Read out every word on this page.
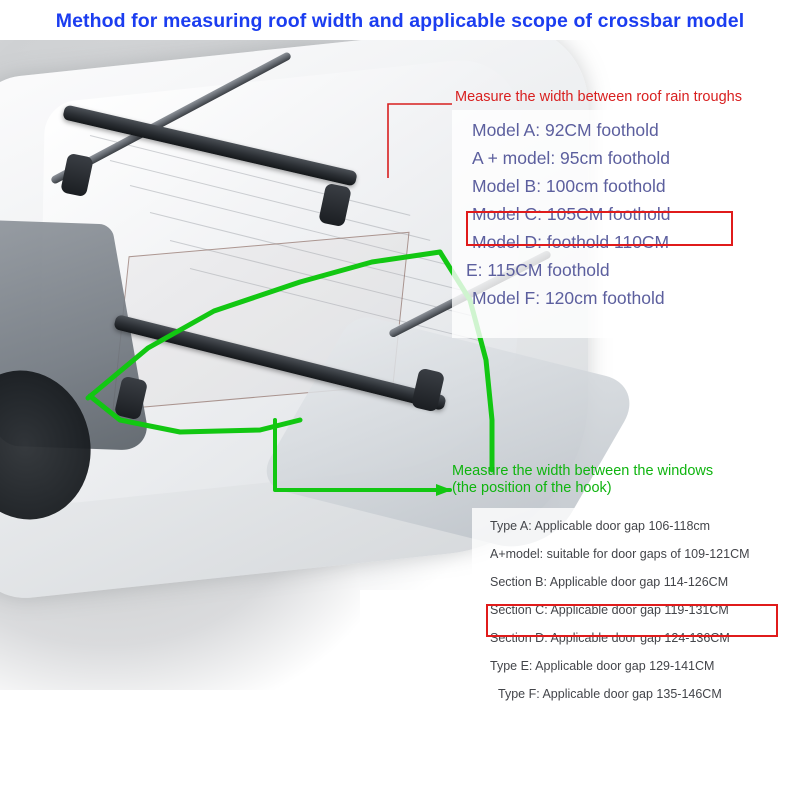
Method for measuring roof width and applicable scope of crossbar model
Measure the width between roof rain troughs
Model A: 92CM foothold
A + model: 95cm foothold
Model B: 100cm foothold
Model C: 105CM foothold
Model D: foothold 110CM
E: 115CM foothold
Model F: 120cm foothold
Measure the width between the windows
(the position of the hook)
Type A: Applicable door gap 106-118cm
A+model: suitable for door gaps of 109-121CM
Section B: Applicable door gap 114-126CM
Section C: Applicable door gap 119-131CM
Section D: Applicable door gap 124-136CM
Type E: Applicable door gap 129-141CM
Type F: Applicable door gap 135-146CM
